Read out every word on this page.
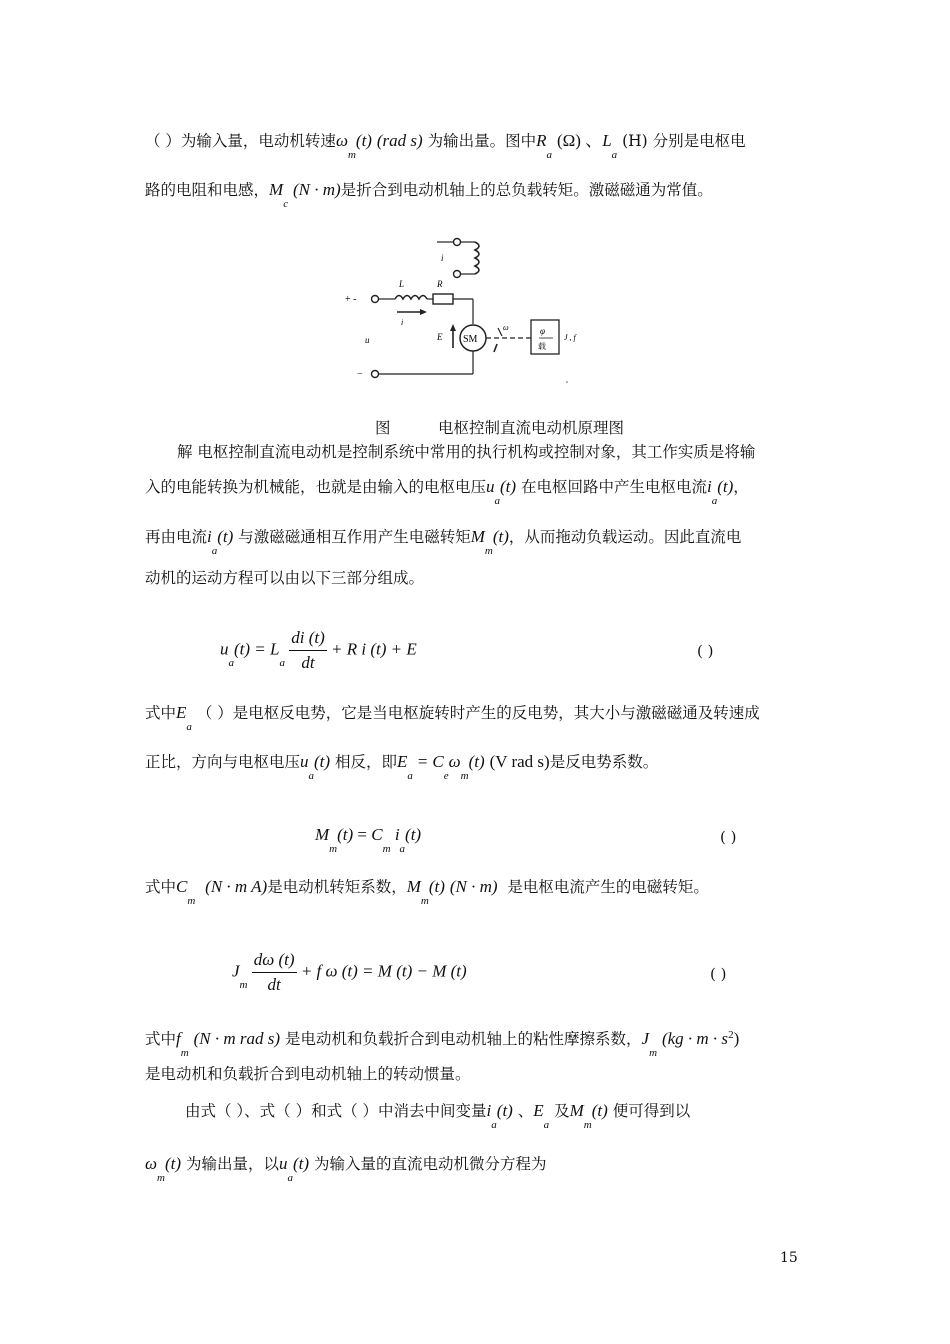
（ ）为输入量，电动机转速$\omega_m(t)$ (rad s) 为输出量。图中$R_a$ (Ω) 、$L_a$ (H) 分别是电枢电
路的电阻和电感，$M_c$ (N · m)是折合到电动机轴上的总负载转矩。激磁磁通为常值。
i
+ -
L	R
i
SM
−
u	E
ω	φ
载
J , f
图	电枢控制直流电动机原理图
解 电枢控制直流电动机是控制系统中常用的执行机构或控制对象，其工作实质是将输
入的电能转换为机械能，也就是由输入的电枢电压$u_a(t)$ 在电枢回路中产生电枢电流$i_a(t)$，
再由电流$i_a(t)$ 与激磁磁通相互作用产生电磁转矩$M_m(t)$，从而拖动负载运动。因此直流电
动机的运动方程可以由以下三部分组成。
$u_a(t) = L_a \frac{di (t)}{dt} + R$ i (t) + E	( )
式中$E_a$ （ ）是电枢反电势，它是当电枢旋转时产生的反电势，其大小与激磁磁通及转速成
正比，方向与电枢电压$u_a(t)$ 相反，即$E_a = C_e\omega_m(t)$ (V rad s)是反电势系数。
$M_m(t) = C_m$ $i_a(t)$	( )
式中$C_m$  (N · m A)是电动机转矩系数，$M_m(t) (N \cdot m)$ 是电枢电流产生的电磁转矩。
$J_m \frac{d\omega (t)}{dt} + f$ ω (t) = M (t) − M (t)	( )
式中$f_m$ (N · m rad s) 是电动机和负载折合到电动机轴上的粘性摩擦系数，$J_m$ $(kg \cdot m \cdot s^2)$
是电动机和负载折合到电动机轴上的转动惯量。
由式（ ）、式（ ）和式（ ）中消去中间变量$i_a(t)$ 、$E_a$ 及$M_m(t)$ 便可得到以
$\omega_m(t)$ 为输出量，以$u_a(t)$ 为输入量的直流电动机微分方程为
15
